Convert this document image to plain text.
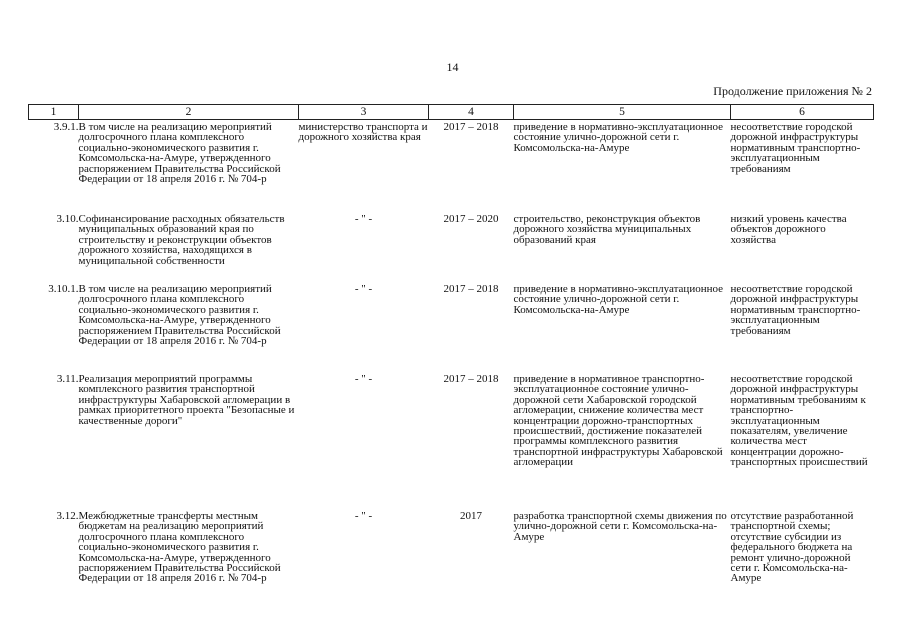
14
Продолжение приложения № 2
1	2	3	4	5	6
3.9.1.	В том числе на реализацию мероприятий долгосрочного плана комплексного социально-экономического развития г. Комсомольска-на-Амуре, утвержденного распоряжением Правительства Российской Федерации от 18 апреля 2016 г. № 704-р	министерство транспорта и дорожного хозяйства края	2017 – 2018	приведение в нормативно-эксплуатационное состояние улично-дорожной сети г. Комсомольска-на-Амуре	несоответствие городской дорожной инфраструктуры нормативным транспортно-эксплуатационным требованиям
3.10.	Софинансирование расходных обязательств муниципальных образований края по строительству и реконструкции объектов дорожного хозяйства, находящихся в муниципальной собственности	- " -	2017 – 2020	строительство, реконструкция объектов дорожного хозяйства муниципальных образований края	низкий уровень качества объектов дорожного хозяйства
3.10.1.	В том числе на реализацию мероприятий долгосрочного плана комплексного социально-экономического развития г. Комсомольска-на-Амуре, утвержденного распоряжением Правительства Российской Федерации от 18 апреля 2016 г. № 704-р	- " -	2017 – 2018	приведение в нормативно-эксплуатационное состояние улично-дорожной сети г. Комсомольска-на-Амуре	несоответствие городской дорожной инфраструктуры нормативным транспортно-эксплуатационным требованиям
3.11.	Реализация мероприятий программы комплексного развития транспортной инфраструктуры Хабаровской агломерации в рамках приоритетного проекта "Безопасные и качественные дороги"	- " -	2017 – 2018	приведение в нормативное транспортно-эксплуатационное состояние улично-дорожной сети Хабаровской городской агломерации, снижение количества мест концентрации дорожно-транспортных происшествий, достижение показателей программы комплексного развития транспортной инфраструктуры Хабаровской агломерации	несоответствие городской дорожной инфраструктуры нормативным требованиям к транспортно-эксплуатационным показателям, увеличение количества мест концентрации дорожно-транспортных происшествий
3.12.	Межбюджетные трансферты местным бюджетам на реализацию мероприятий долгосрочного плана комплексного социально-экономического развития г. Комсомольска-на-Амуре, утвержденного распоряжением Правительства Российской Федерации от 18 апреля 2016 г. № 704-р	- " -	2017	разработка транспортной схемы движения по улично-дорожной сети г. Комсомольска-на-Амуре	отсутствие разработанной транспортной схемы; отсутствие субсидии из федерального бюджета на ремонт улично-дорожной сети г. Комсомольска-на-Амуре
